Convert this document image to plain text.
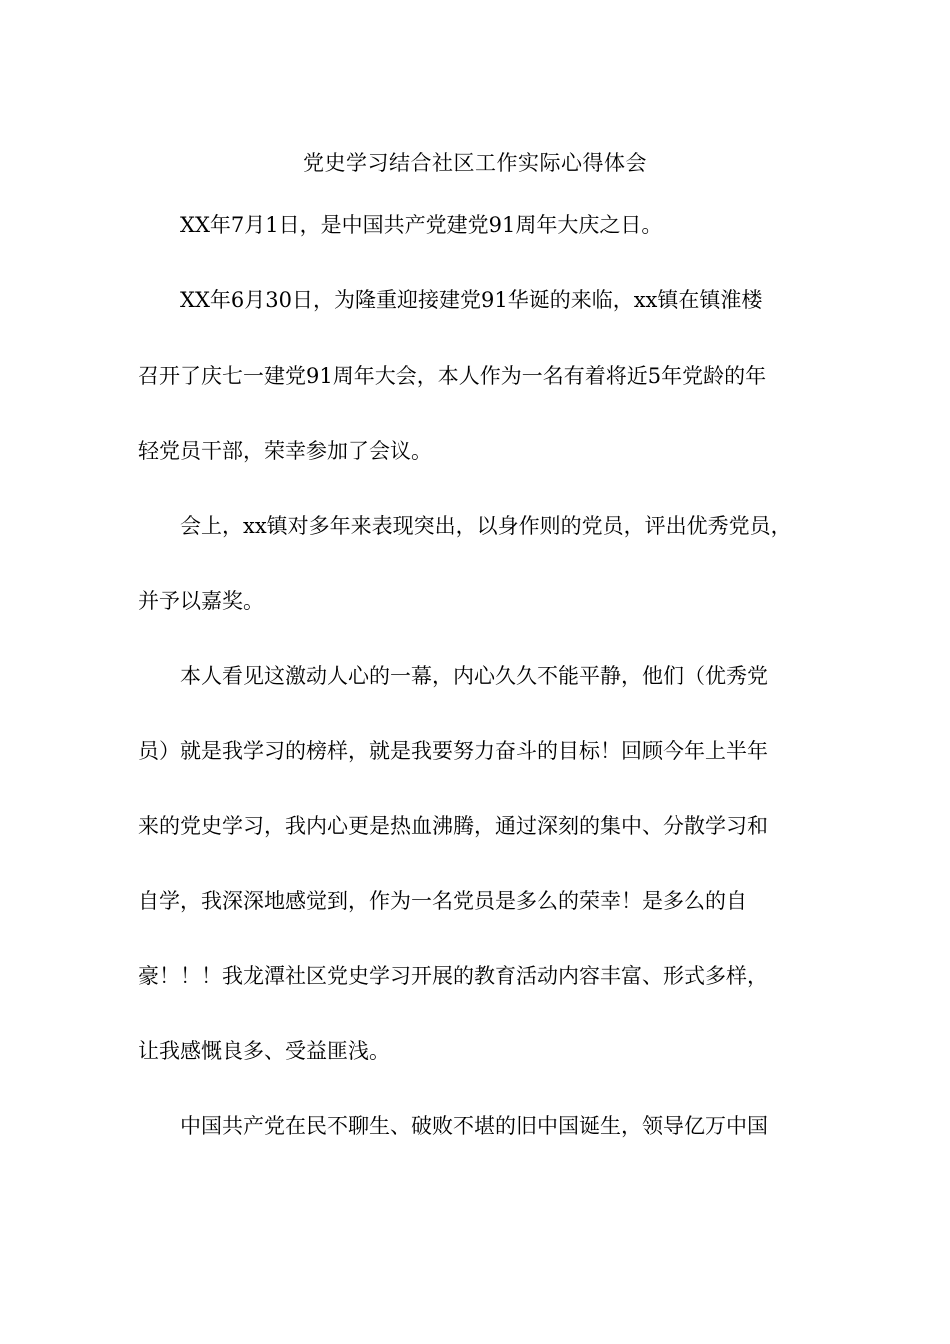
党史学习结合社区工作实际心得体会
XX年7月1日，是中国共产党建党91周年大庆之日。
XX年6月30日，为隆重迎接建党91华诞的来临，xx镇在镇淮楼
召开了庆七一建党91周年大会，本人作为一名有着将近5年党龄的年
轻党员干部，荣幸参加了会议。
会上，xx镇对多年来表现突出，以身作则的党员，评出优秀党员，
并予以嘉奖。
本人看见这激动人心的一幕，内心久久不能平静，他们（优秀党
员）就是我学习的榜样，就是我要努力奋斗的目标！回顾今年上半年
来的党史学习，我内心更是热血沸腾，通过深刻的集中、分散学习和
自学，我深深地感觉到，作为一名党员是多么的荣幸！是多么的自
豪！！！我龙潭社区党史学习开展的教育活动内容丰富、形式多样，
让我感慨良多、受益匪浅。
中国共产党在民不聊生、破败不堪的旧中国诞生，领导亿万中国
